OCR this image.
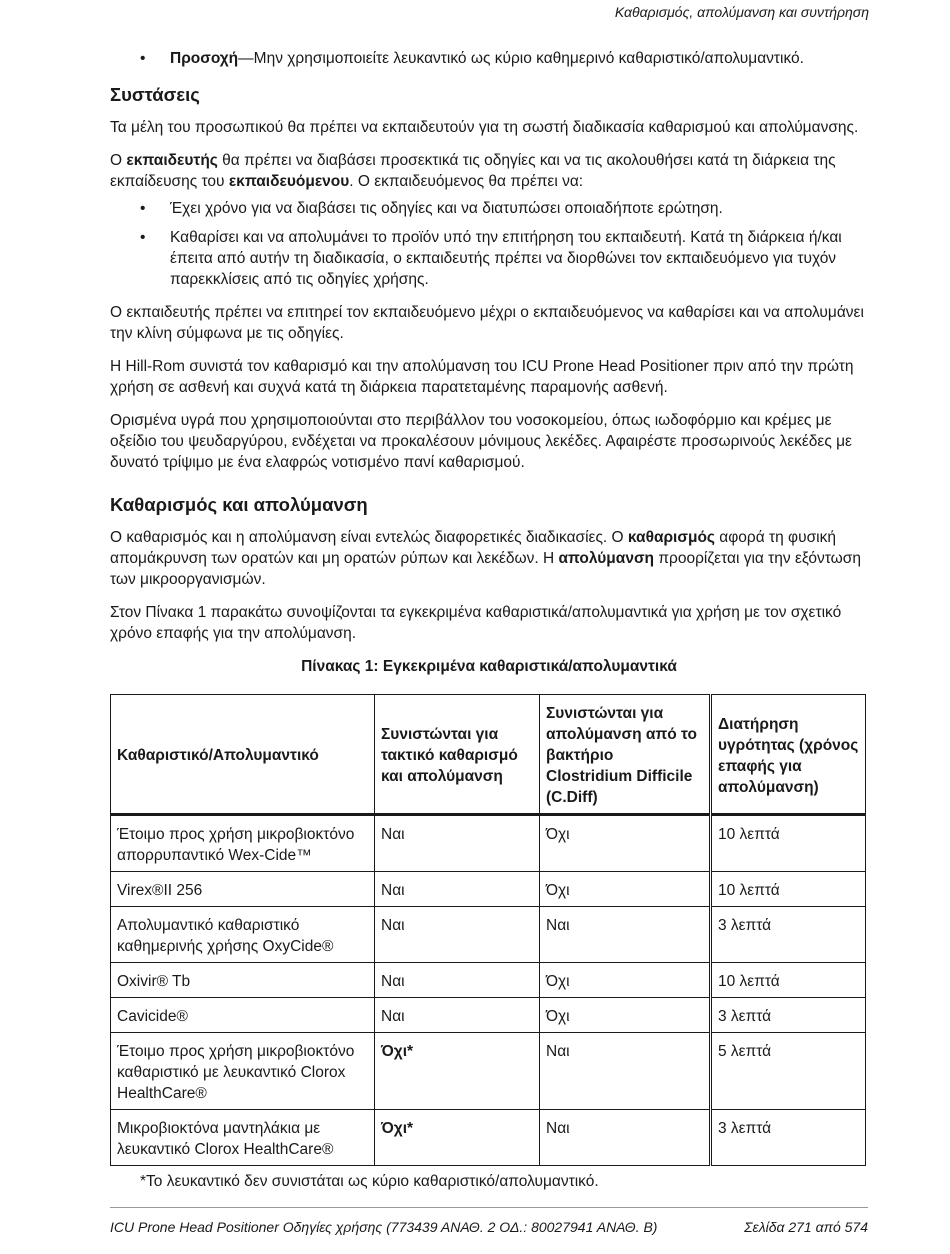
Καθαρισμός, απολύμανση και συντήρηση
• Προσοχή—Μην χρησιμοποιείτε λευκαντικό ως κύριο καθημερινό καθαριστικό/απολυμαντικό.
Συστάσεις

Τα μέλη του προσωπικού θα πρέπει να εκπαιδευτούν για τη σωστή διαδικασία καθαρισμού και απολύμανσης.

Ο εκπαιδευτής θα πρέπει να διαβάσει προσεκτικά τις οδηγίες και να τις ακολουθήσει κατά τη διάρκεια της εκπαίδευσης του εκπαιδευόμενου. Ο εκπαιδευόμενος θα πρέπει να:

• Έχει χρόνο για να διαβάσει τις οδηγίες και να διατυπώσει οποιαδήποτε ερώτηση.
• Καθαρίσει και να απολυμάνει το προϊόν υπό την επιτήρηση του εκπαιδευτή. Κατά τη διάρκεια ή/και έπειτα από αυτήν τη διαδικασία, ο εκπαιδευτής πρέπει να διορθώνει τον εκπαιδευόμενο για τυχόν παρεκκλίσεις από τις οδηγίες χρήσης.

Ο εκπαιδευτής πρέπει να επιτηρεί τον εκπαιδευόμενο μέχρι ο εκπαιδευόμενος να καθαρίσει και να απολυμάνει την κλίνη σύμφωνα με τις οδηγίες.

Η Hill-Rom συνιστά τον καθαρισμό και την απολύμανση του ICU Prone Head Positioner πριν από την πρώτη χρήση σε ασθενή και συχνά κατά τη διάρκεια παρατεταμένης παραμονής ασθενή.

Ορισμένα υγρά που χρησιμοποιούνται στο περιβάλλον του νοσοκομείου, όπως ιωδοφόρμιο και κρέμες με οξείδιο του ψευδαργύρου, ενδέχεται να προκαλέσουν μόνιμους λεκέδες. Αφαιρέστε προσωρινούς λεκέδες με δυνατό τρίψιμο με ένα ελαφρώς νοτισμένο πανί καθαρισμού.

Καθαρισμός και απολύμανση

Ο καθαρισμός και η απολύμανση είναι εντελώς διαφορετικές διαδικασίες. Ο καθαρισμός αφορά τη φυσική απομάκρυνση των ορατών και μη ορατών ρύπων και λεκέδων. Η απολύμανση προορίζεται για την εξόντωση των μικροοργανισμών.

Στον Πίνακα 1 παρακάτω συνοψίζονται τα εγκεκριμένα καθαριστικά/απολυμαντικά για χρήση με τον σχετικό χρόνο επαφής για την απολύμανση.

Πίνακας 1: Εγκεκριμένα καθαριστικά/απολυμαντικά
Καθαριστικό/Απολυμαντικό	Συνιστώνται για τακτικό καθαρισμό και απολύμανση	Συνιστώνται για απολύμανση από το βακτήριο Clostridium Difficile (C.Diff)	Διατήρηση υγρότητας (χρόνος επαφής για απολύμανση)
Έτοιμο προς χρήση μικροβιοκτόνο απορρυπαντικό Wex-Cide™	Ναι	Όχι	10 λεπτά
Virex®II 256	Ναι	Όχι	10 λεπτά
Απολυμαντικό καθαριστικό καθημερινής χρήσης OxyCide®	Ναι	Ναι	3 λεπτά
Oxivir® Tb	Ναι	Όχι	10 λεπτά
Cavicide®	Ναι	Όχι	3 λεπτά
Έτοιμο προς χρήση μικροβιοκτόνο καθαριστικό με λευκαντικό Clorox HealthCare®	Όχι*	Ναι	5 λεπτά
Μικροβιοκτόνα μαντηλάκια με λευκαντικό Clorox HealthCare®	Όχι*	Ναι	3 λεπτά
*Το λευκαντικό δεν συνιστάται ως κύριο καθαριστικό/απολυμαντικό.
ICU Prone Head Positioner Οδηγίες χρήσης (773439 ΑΝΑΘ. 2 ΟΔ.: 80027941 ΑΝΑΘ. B)	Σελίδα 271 από 574
